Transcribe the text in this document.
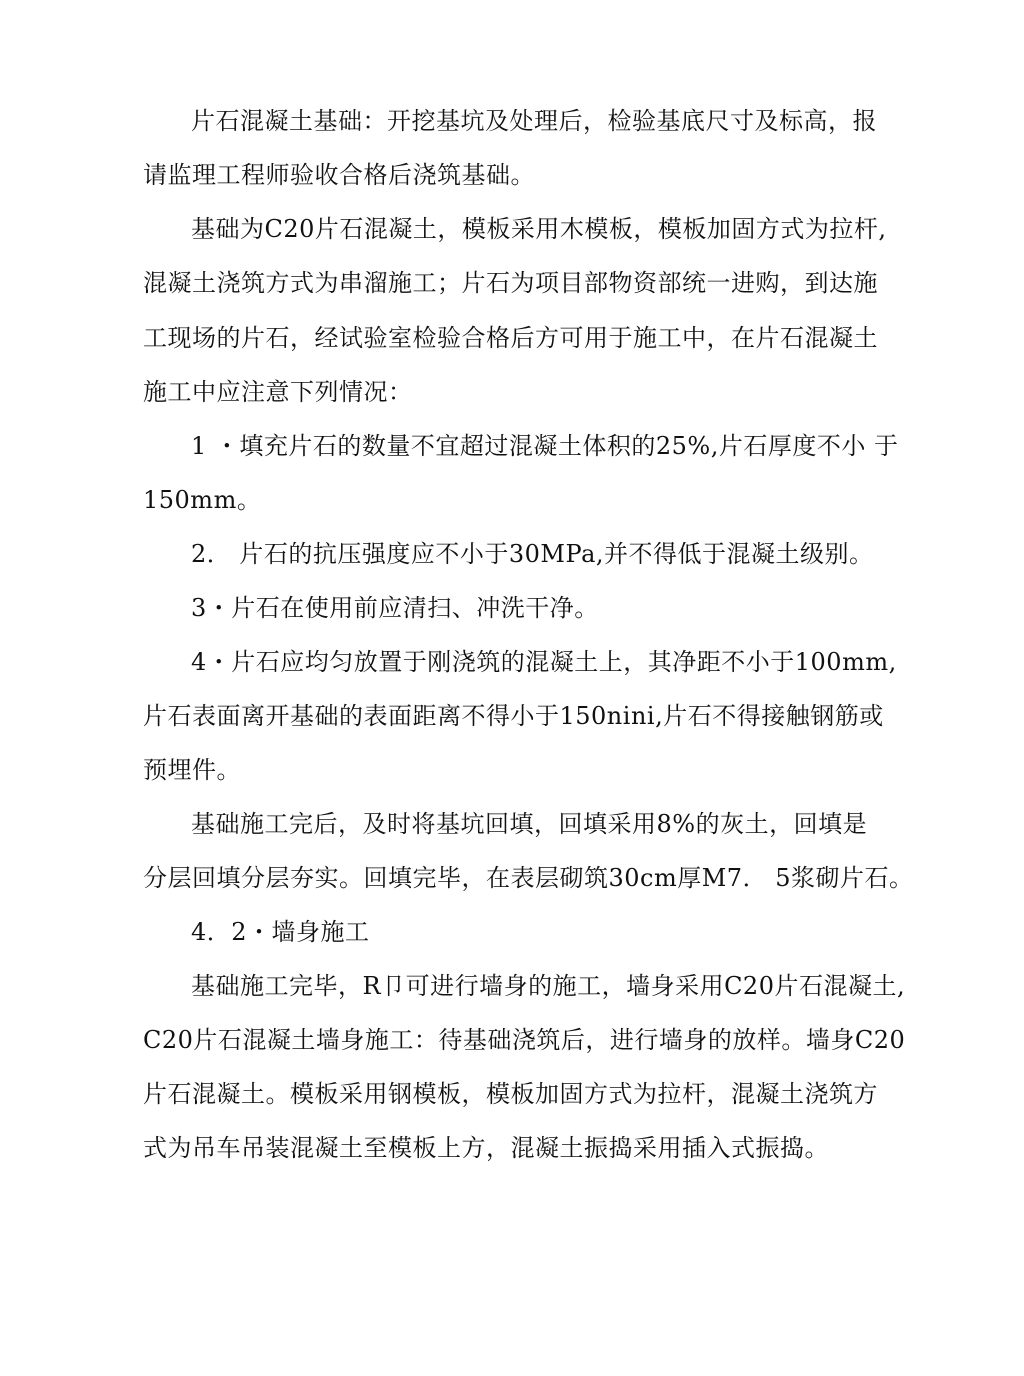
片石混凝土基础：开挖基坑及处理后，检验基底尺寸及标高，报
请监理工程师验收合格后浇筑基础。
基础为C20片石混凝土，模板采用木模板，模板加固方式为拉杆,
混凝土浇筑方式为串溜施工；片石为项目部物资部统一进购，到达施
工现场的片石，经试验室检验合格后方可用于施工中，在片石混凝土
施工中应注意下列情况：
1 ・填充片石的数量不宜超过混凝土体积的25%,片石厚度不小 于
150mm。
2． 片石的抗压强度应不小于30MPa,并不得低于混凝土级别。
3・片石在使用前应清扫、冲洗干净。
4・片石应均匀放置于刚浇筑的混凝土上，其净距不小于100mm,
片石表面离开基础的表面距离不得小于150nini,片石不得接触钢筋或
预埋件。
基础施工完后，及时将基坑回填，回填采用8%的灰土，回填是
分层回填分层夯实。回填完毕，在表层砌筑30cm厚M7． 5浆砌片石。
4．2・墙身施工
基础施工完毕，R卩可进行墙身的施工，墙身采用C20片石混凝土,
C20片石混凝土墙身施工：待基础浇筑后，进行墙身的放样。墙身C20
片石混凝土。模板采用钢模板，模板加固方式为拉杆，混凝土浇筑方
式为吊车吊装混凝土至模板上方，混凝土振捣采用插入式振捣。
